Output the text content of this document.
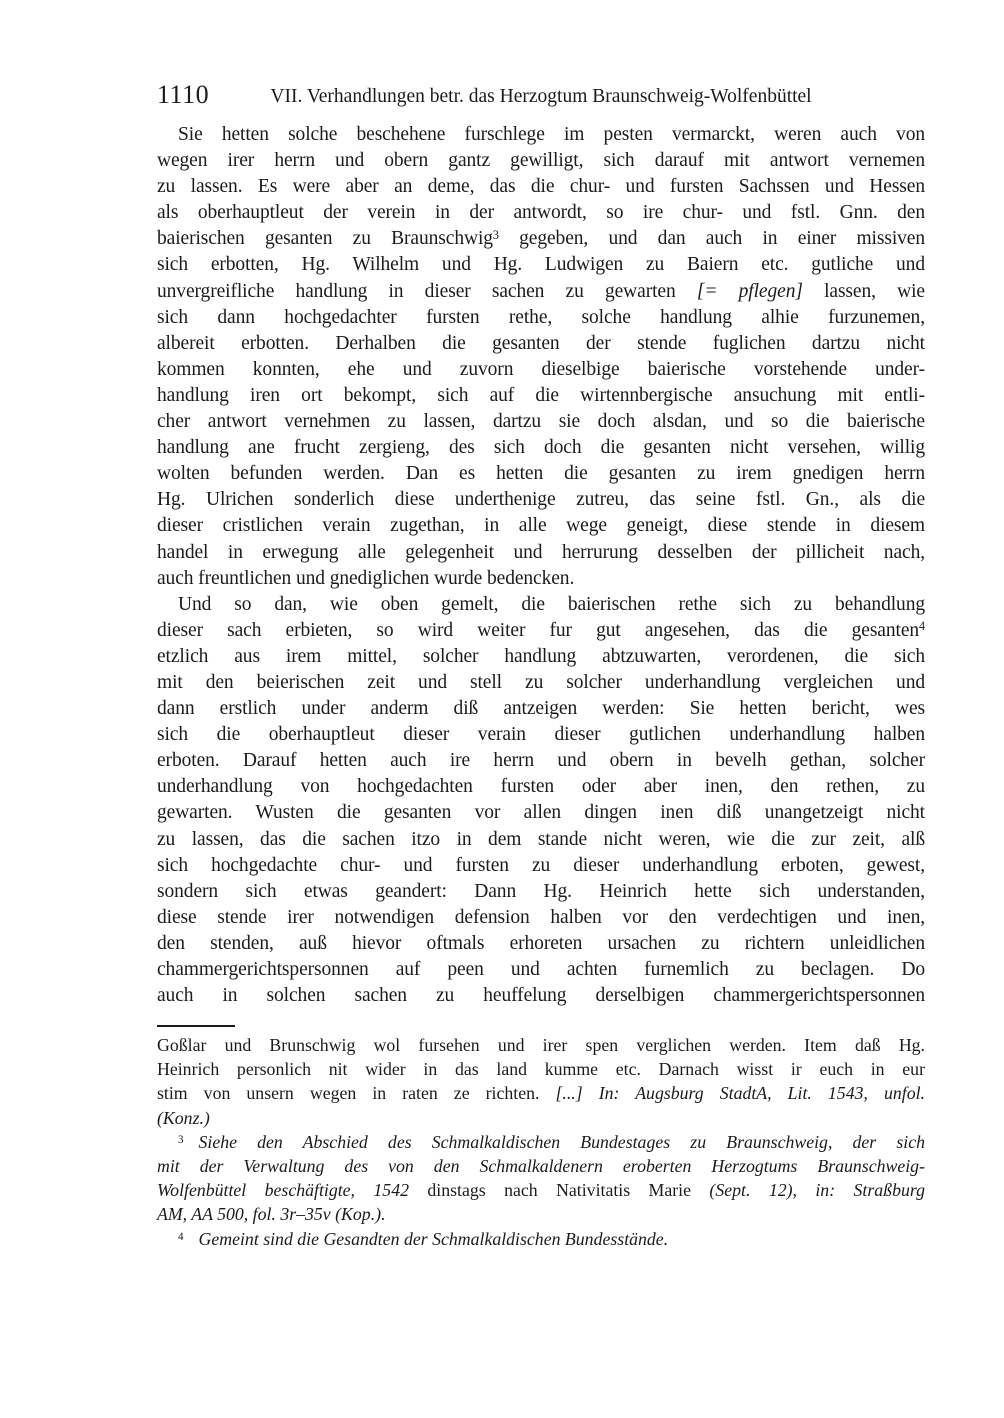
1110	VII. Verhandlungen betr. das Herzogtum Braunschweig-Wolfenbüttel
Sie hetten solche beschehene furschlege im pesten vermarckt, weren auch von
wegen irer herrn und obern gantz gewilligt, sich darauf mit antwort vernemen
zu lassen. Es were aber an deme, das die chur- und fursten Sachssen und Hessen
als oberhauptleut der verein in der antwordt, so ire chur- und fstl. Gnn. den
baierischen gesanten zu Braunschwig$^3$ gegeben, und dan auch in einer missiven
sich erbotten, Hg. Wilhelm und Hg. Ludwigen zu Baiern etc. gutliche und
unvergreifliche handlung in dieser sachen zu gewarten [= pflegen] lassen, wie
sich dann hochgedachter fursten rethe, solche handlung alhie furzunemen,
albereit erbotten. Derhalben die gesanten der stende fuglichen dartzu nicht
kommen konnten, ehe und zuvorn dieselbige baierische vorstehende under-
handlung iren ort bekompt, sich auf die wirtennbergische ansuchung mit entli-
cher antwort vernehmen zu lassen, dartzu sie doch alsdan, und so die baierische
handlung ane frucht zergieng, des sich doch die gesanten nicht versehen, willig
wolten befunden werden. Dan es hetten die gesanten zu irem gnedigen herrn
Hg. Ulrichen sonderlich diese underthenige zutreu, das seine fstl. Gn., als die
dieser cristlichen verain zugethan, in alle wege geneigt, diese stende in diesem
handel in erwegung alle gelegenheit und herrurung desselben der pillicheit nach,
auch freuntlichen und gnediglichen wurde bedencken.
Und so dan, wie oben gemelt, die baierischen rethe sich zu behandlung
dieser sach erbieten, so wird weiter fur gut angesehen, das die gesanten$^4$
etzlich aus irem mittel, solcher handlung abtzuwarten, verordenen, die sich
mit den beierischen zeit und stell zu solcher underhandlung vergleichen und
dann erstlich under anderm diß antzeigen werden: Sie hetten bericht, wes
sich die oberhauptleut dieser verain dieser gutlichen underhandlung halben
erboten. Darauf hetten auch ire herrn und obern in bevelh gethan, solcher
underhandlung von hochgedachten fursten oder aber inen, den rethen, zu
gewarten. Wusten die gesanten vor allen dingen inen diß unangetzeigt nicht
zu lassen, das die sachen itzo in dem stande nicht weren, wie die zur zeit, alß
sich hochgedachte chur- und fursten zu dieser underhandlung erboten, gewest,
sondern sich etwas geandert: Dann Hg. Heinrich hette sich understanden,
diese stende irer notwendigen defension halben vor den verdechtigen und inen,
den stenden, auß hievor oftmals erhoreten ursachen zu richtern unleidlichen
chammergerichtspersonnen auf peen und achten furnemlich zu beclagen. Do
auch in solchen sachen zu heuffelung derselbigen chammergerichtspersonnen
Goßlar und Brunschwig wol fursehen und irer spen verglichen werden. Item daß Hg.
Heinrich personlich nit wider in das land kumme etc. Darnach wisst ir euch in eur
stim von unsern wegen in raten ze richten. [...] In: Augsburg StadtA, Lit. 1543, unfol.
(Konz.)
$^3$ Siehe den Abschied des Schmalkaldischen Bundestages zu Braunschweig, der sich
mit der Verwaltung des von den Schmalkaldenern eroberten Herzogtums Braunschweig-
Wolfenbüttel beschäftigte, 1542 dinstags nach Nativitatis Marie (Sept. 12), in: Straßburg
AM, AA 500, fol. 3r–35v (Kop.).
$^4$ Gemeint sind die Gesandten der Schmalkaldischen Bundesstände.
